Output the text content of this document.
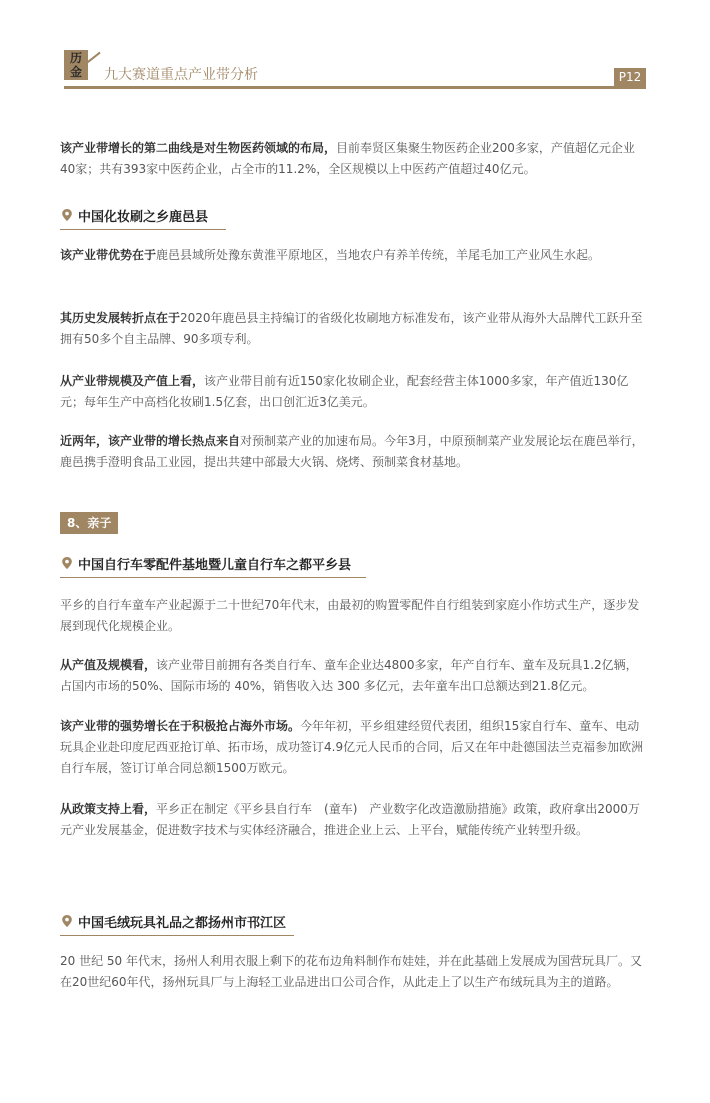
历
金	九大赛道重点产业带分析	P12

该产业带增长的第二曲线是对生物医药领域的布局，目前奉贤区集聚生物医药企业200多家，产值超亿元企业40家；共有393家中医药企业，占全市的11.2%，全区规模以上中医药产值超过40亿元。

中国化妆刷之乡鹿邑县

该产业带优势在于鹿邑县域所处豫东黄淮平原地区，当地农户有养羊传统，羊尾毛加工产业风生水起。

其历史发展转折点在于2020年鹿邑县主持编订的省级化妆刷地方标准发布，该产业带从海外大品牌代工跃升至拥有50多个自主品牌、90多项专利。

从产业带规模及产值上看，该产业带目前有近150家化妆刷企业，配套经营主体1000多家，年产值近130亿元；每年生产中高档化妆刷1.5亿套，出口创汇近3亿美元。

近两年，该产业带的增长热点来自对预制菜产业的加速布局。今年3月，中原预制菜产业发展论坛在鹿邑举行，鹿邑携手澄明食品工业园，提出共建中部最大火锅、烧烤、预制菜食材基地。

8、亲子
中国自行车零配件基地暨儿童自行车之都平乡县

平乡的自行车童车产业起源于二十世纪70年代末，由最初的购置零配件自行组装到家庭小作坊式生产，逐步发展到现代化规模企业。

从产值及规模看，该产业带目前拥有各类自行车、童车企业达4800多家，年产自行车、童车及玩具1.2亿辆，占国内市场的50%、国际市场的 40%，销售收入达 300 多亿元，去年童车出口总额达到21.8亿元。

该产业带的强势增长在于积极抢占海外市场。今年年初，平乡组建经贸代表团，组织15家自行车、童车、电动玩具企业赴印度尼西亚抢订单、拓市场，成功签订4.9亿元人民币的合同，后又在年中赴德国法兰克福参加欧洲自行车展，签订订单合同总额1500万欧元。

从政策支持上看，平乡正在制定《平乡县自行车　(童车)　产业数字化改造激励措施》政策，政府拿出2000万元产业发展基金，促进数字技术与实体经济融合，推进企业上云、上平台，赋能传统产业转型升级。

中国毛绒玩具礼品之都扬州市邗江区

20 世纪 50 年代末，扬州人利用衣服上剩下的花布边角料制作布娃娃，并在此基础上发展成为国营玩具厂。又在20世纪60年代，扬州玩具厂与上海轻工业品进出口公司合作，从此走上了以生产布绒玩具为主的道路。
